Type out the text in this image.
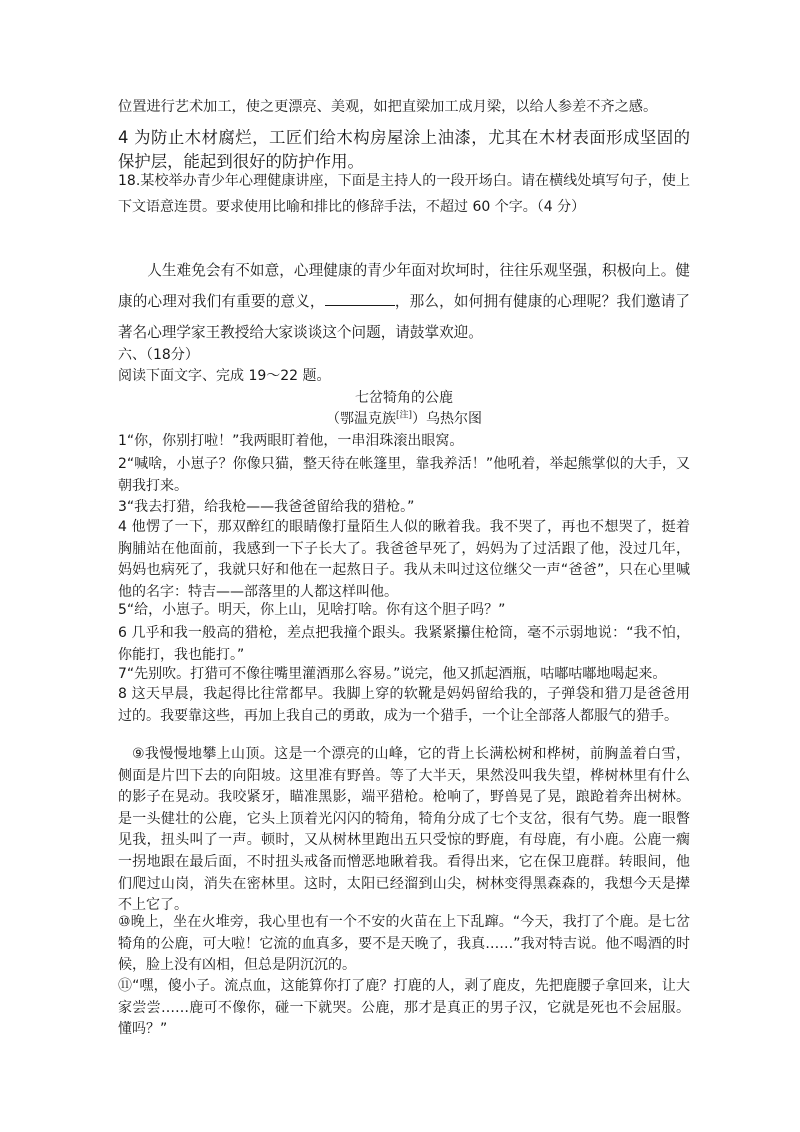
位置进行艺术加工，使之更漂亮、美观，如把直梁加工成月梁，以给人参差不齐之感。

4 为防止木材腐烂，工匠们给木构房屋涂上油漆，尤其在木材表面形成坚固的保护层，能起到很好的防护作用。

18.某校举办青少年心理健康讲座，下面是主持人的一段开场白。请在横线处填写句子，使上下文语意连贯。要求使用比喻和排比的修辞手法，不超过 60 个字。（4 分）

人生难免会有不如意，心理健康的青少年面对坎坷时，往往乐观坚强，积极向上。健康的心理对我们有重要的意义，	，那么，如何拥有健康的心理呢？我们邀请了著名心理学家王教授给大家谈谈这个问题，请鼓掌欢迎。

六、（18分）

阅读下面文字、完成 19～22 题。

七岔犄角的公鹿

（鄂温克族[注]）乌热尔图

1“你，你别打啦！”我两眼盯着他，一串泪珠滚出眼窝。

2“喊啥，小崽子？你像只猫，整天待在帐篷里，靠我养活！”他吼着，举起熊掌似的大手，又朝我打来。

3“我去打猎，给我枪——我爸爸留给我的猎枪。”

4 他愣了一下，那双醉红的眼睛像打量陌生人似的瞅着我。我不哭了，再也不想哭了，挺着胸脯站在他面前，我感到一下子长大了。我爸爸早死了，妈妈为了过活跟了他，没过几年，妈妈也病死了，我就只好和他在一起熬日子。我从未叫过这位继父一声“爸爸”，只在心里喊他的名字：特吉——部落里的人都这样叫他。

5“给，小崽子。明天，你上山，见啥打啥。你有这个胆子吗？”

6 几乎和我一般高的猎枪，差点把我撞个跟头。我紧紧攥住枪筒，毫不示弱地说：“我不怕，你能打，我也能打。”

7“先别吹。打猎可不像往嘴里灌酒那么容易。”说完，他又抓起酒瓶，咕嘟咕嘟地喝起来。

8 这天早晨，我起得比往常都早。我脚上穿的软靴是妈妈留给我的，子弹袋和猎刀是爸爸用过的。我要靠这些，再加上我自己的勇敢，成为一个猎手，一个让全部落人都服气的猎手。

⑨我慢慢地攀上山顶。这是一个漂亮的山峰，它的背上长满松树和桦树，前胸盖着白雪，侧面是片凹下去的向阳坡。这里准有野兽。等了大半天，果然没叫我失望，桦树林里有什么的影子在晃动。我咬紧牙，瞄准黑影，端平猎枪。枪响了，野兽晃了晃，踉跄着奔出树林。是一头健壮的公鹿，它头上顶着光闪闪的犄角，犄角分成了七个支岔，很有气势。鹿一眼瞥见我，扭头叫了一声。顿时，又从树林里跑出五只受惊的野鹿，有母鹿，有小鹿。公鹿一瘸一拐地跟在最后面，不时扭头戒备而憎恶地瞅着我。看得出来，它在保卫鹿群。转眼间，他们爬过山岗，消失在密林里。这时，太阳已经溜到山尖，树林变得黑森森的，我想今天是撵不上它了。

⑩晚上，坐在火堆旁，我心里也有一个不安的火苗在上下乱蹿。“今天，我打了个鹿。是七岔犄角的公鹿，可大啦！它流的血真多，要不是天晚了，我真……”我对特吉说。他不喝酒的时候，脸上没有凶相，但总是阴沉沉的。

⑪“嘿，傻小子。流点血，这能算你打了鹿？打鹿的人，剥了鹿皮，先把鹿腰子拿回来，让大家尝尝……鹿可不像你，碰一下就哭。公鹿，那才是真正的男子汉，它就是死也不会屈服。懂吗？”
